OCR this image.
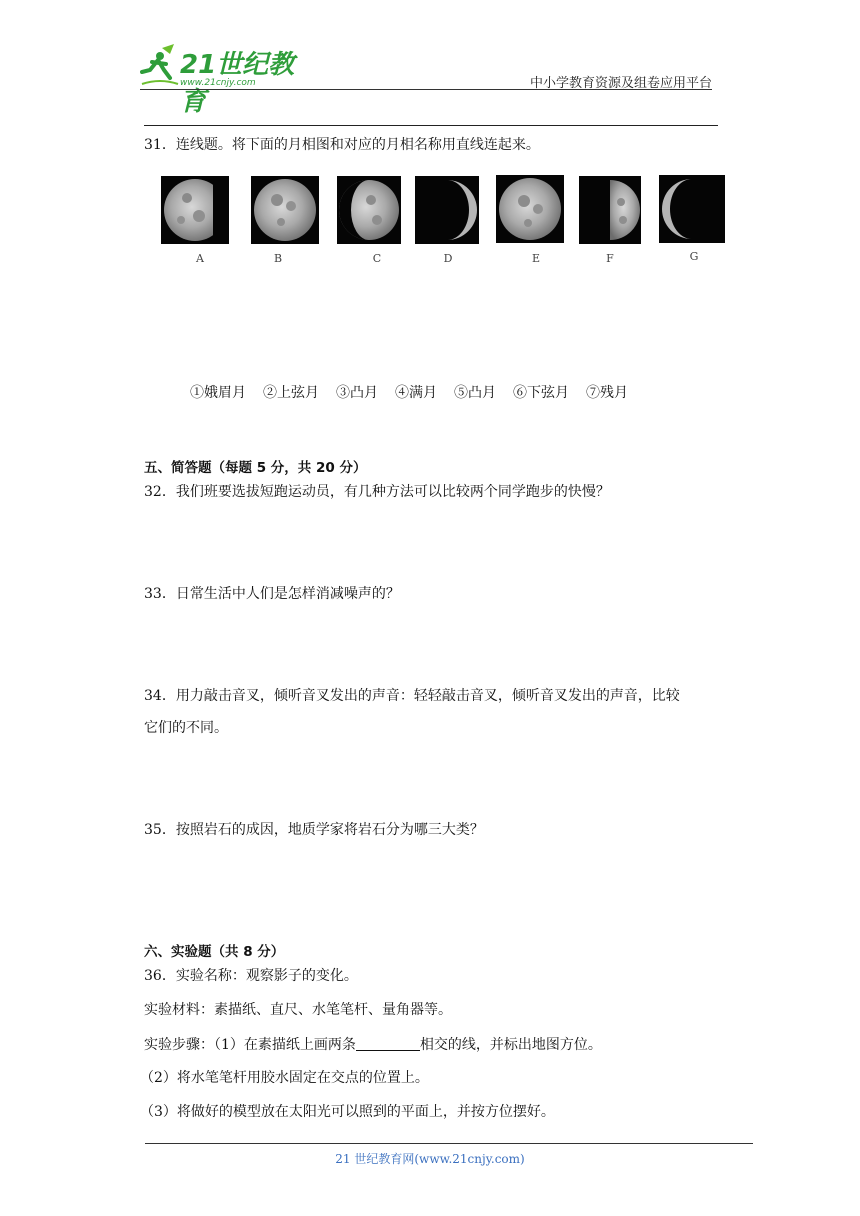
21世纪教育
www.21cnjy.com	中小学教育资源及组卷应用平台
31．连线题。将下面的月相图和对应的月相名称用直线连起来。
A	B	C	D	E	F	G
①娥眉月 ②上弦月 ③凸月 ④满月 ⑤凸月 ⑥下弦月 ⑦残月
五、简答题（每题 5 分，共 20 分）
32．我们班要选拔短跑运动员，有几种方法可以比较两个同学跑步的快慢？
33．日常生活中人们是怎样消减噪声的？
34．用力敲击音叉，倾听音叉发出的声音：轻轻敲击音叉，倾听音叉发出的声音，比较
它们的不同。
35．按照岩石的成因，地质学家将岩石分为哪三大类？
六、实验题（共 8 分）
36．实验名称：观察影子的变化。
实验材料：素描纸、直尺、水笔笔杆、量角器等。
实验步骤：（1）在素描纸上画两条	相交的线，并标出地图方位。
（2）将水笔笔杆用胶水固定在交点的位置上。
（3）将做好的模型放在太阳光可以照到的平面上，并按方位摆好。
21 世纪教育网(www.21cnjy.com)
